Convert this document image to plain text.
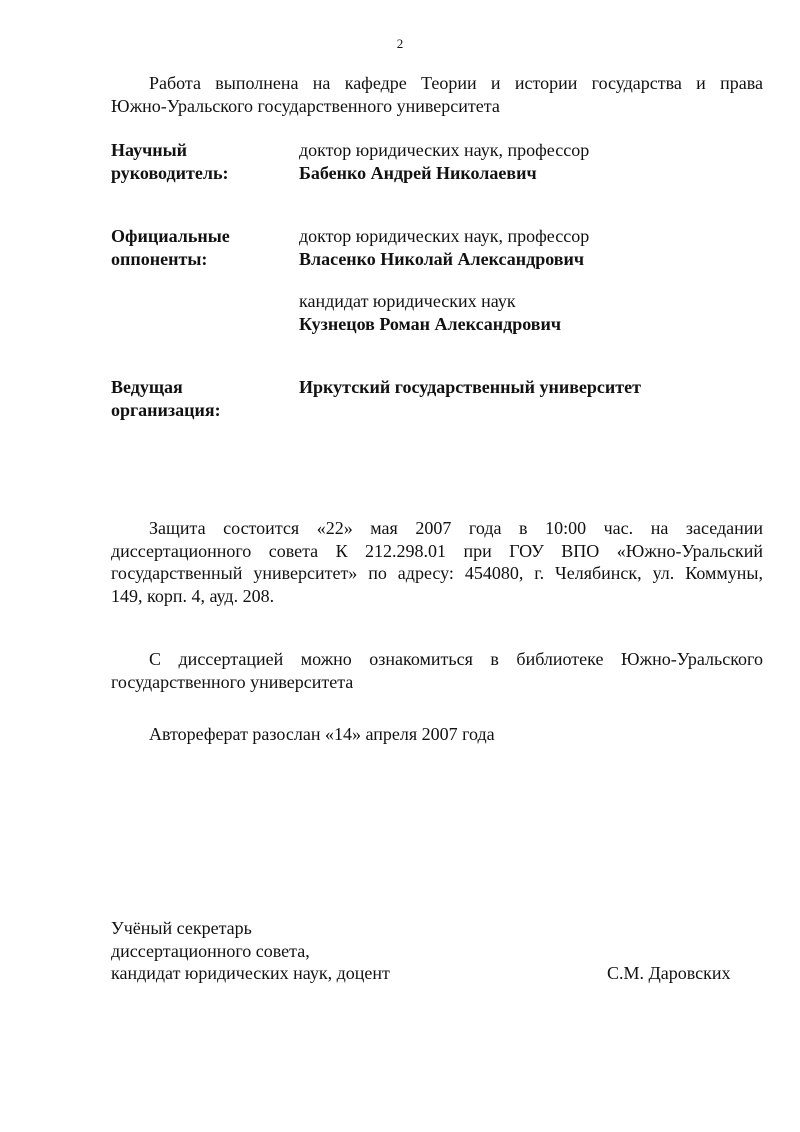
2
Работа выполнена на кафедре Теории и истории государства и права
Южно-Уральского государственного университета
Научный
руководитель:
доктор юридических наук, профессор
Бабенко Андрей Николаевич
Официальные
оппоненты:
доктор юридических наук, профессор
Власенко Николай Александрович
кандидат юридических наук
Кузнецов Роман Александрович
Ведущая
организация:
Иркутский государственный университет
Защита состоится «22» мая 2007 года в 10:00 час. на заседании
диссертационного совета К 212.298.01 при ГОУ ВПО «Южно-Уральский
государственный университет» по адресу: 454080, г. Челябинск, ул. Коммуны,
149, корп. 4, ауд. 208.
С диссертацией можно ознакомиться в библиотеке Южно-Уральского
государственного университета
Автореферат разослан «14» апреля 2007 года
Учёный секретарь
диссертационного совета,
кандидат юридических наук, доцент	С.М. Даровских
